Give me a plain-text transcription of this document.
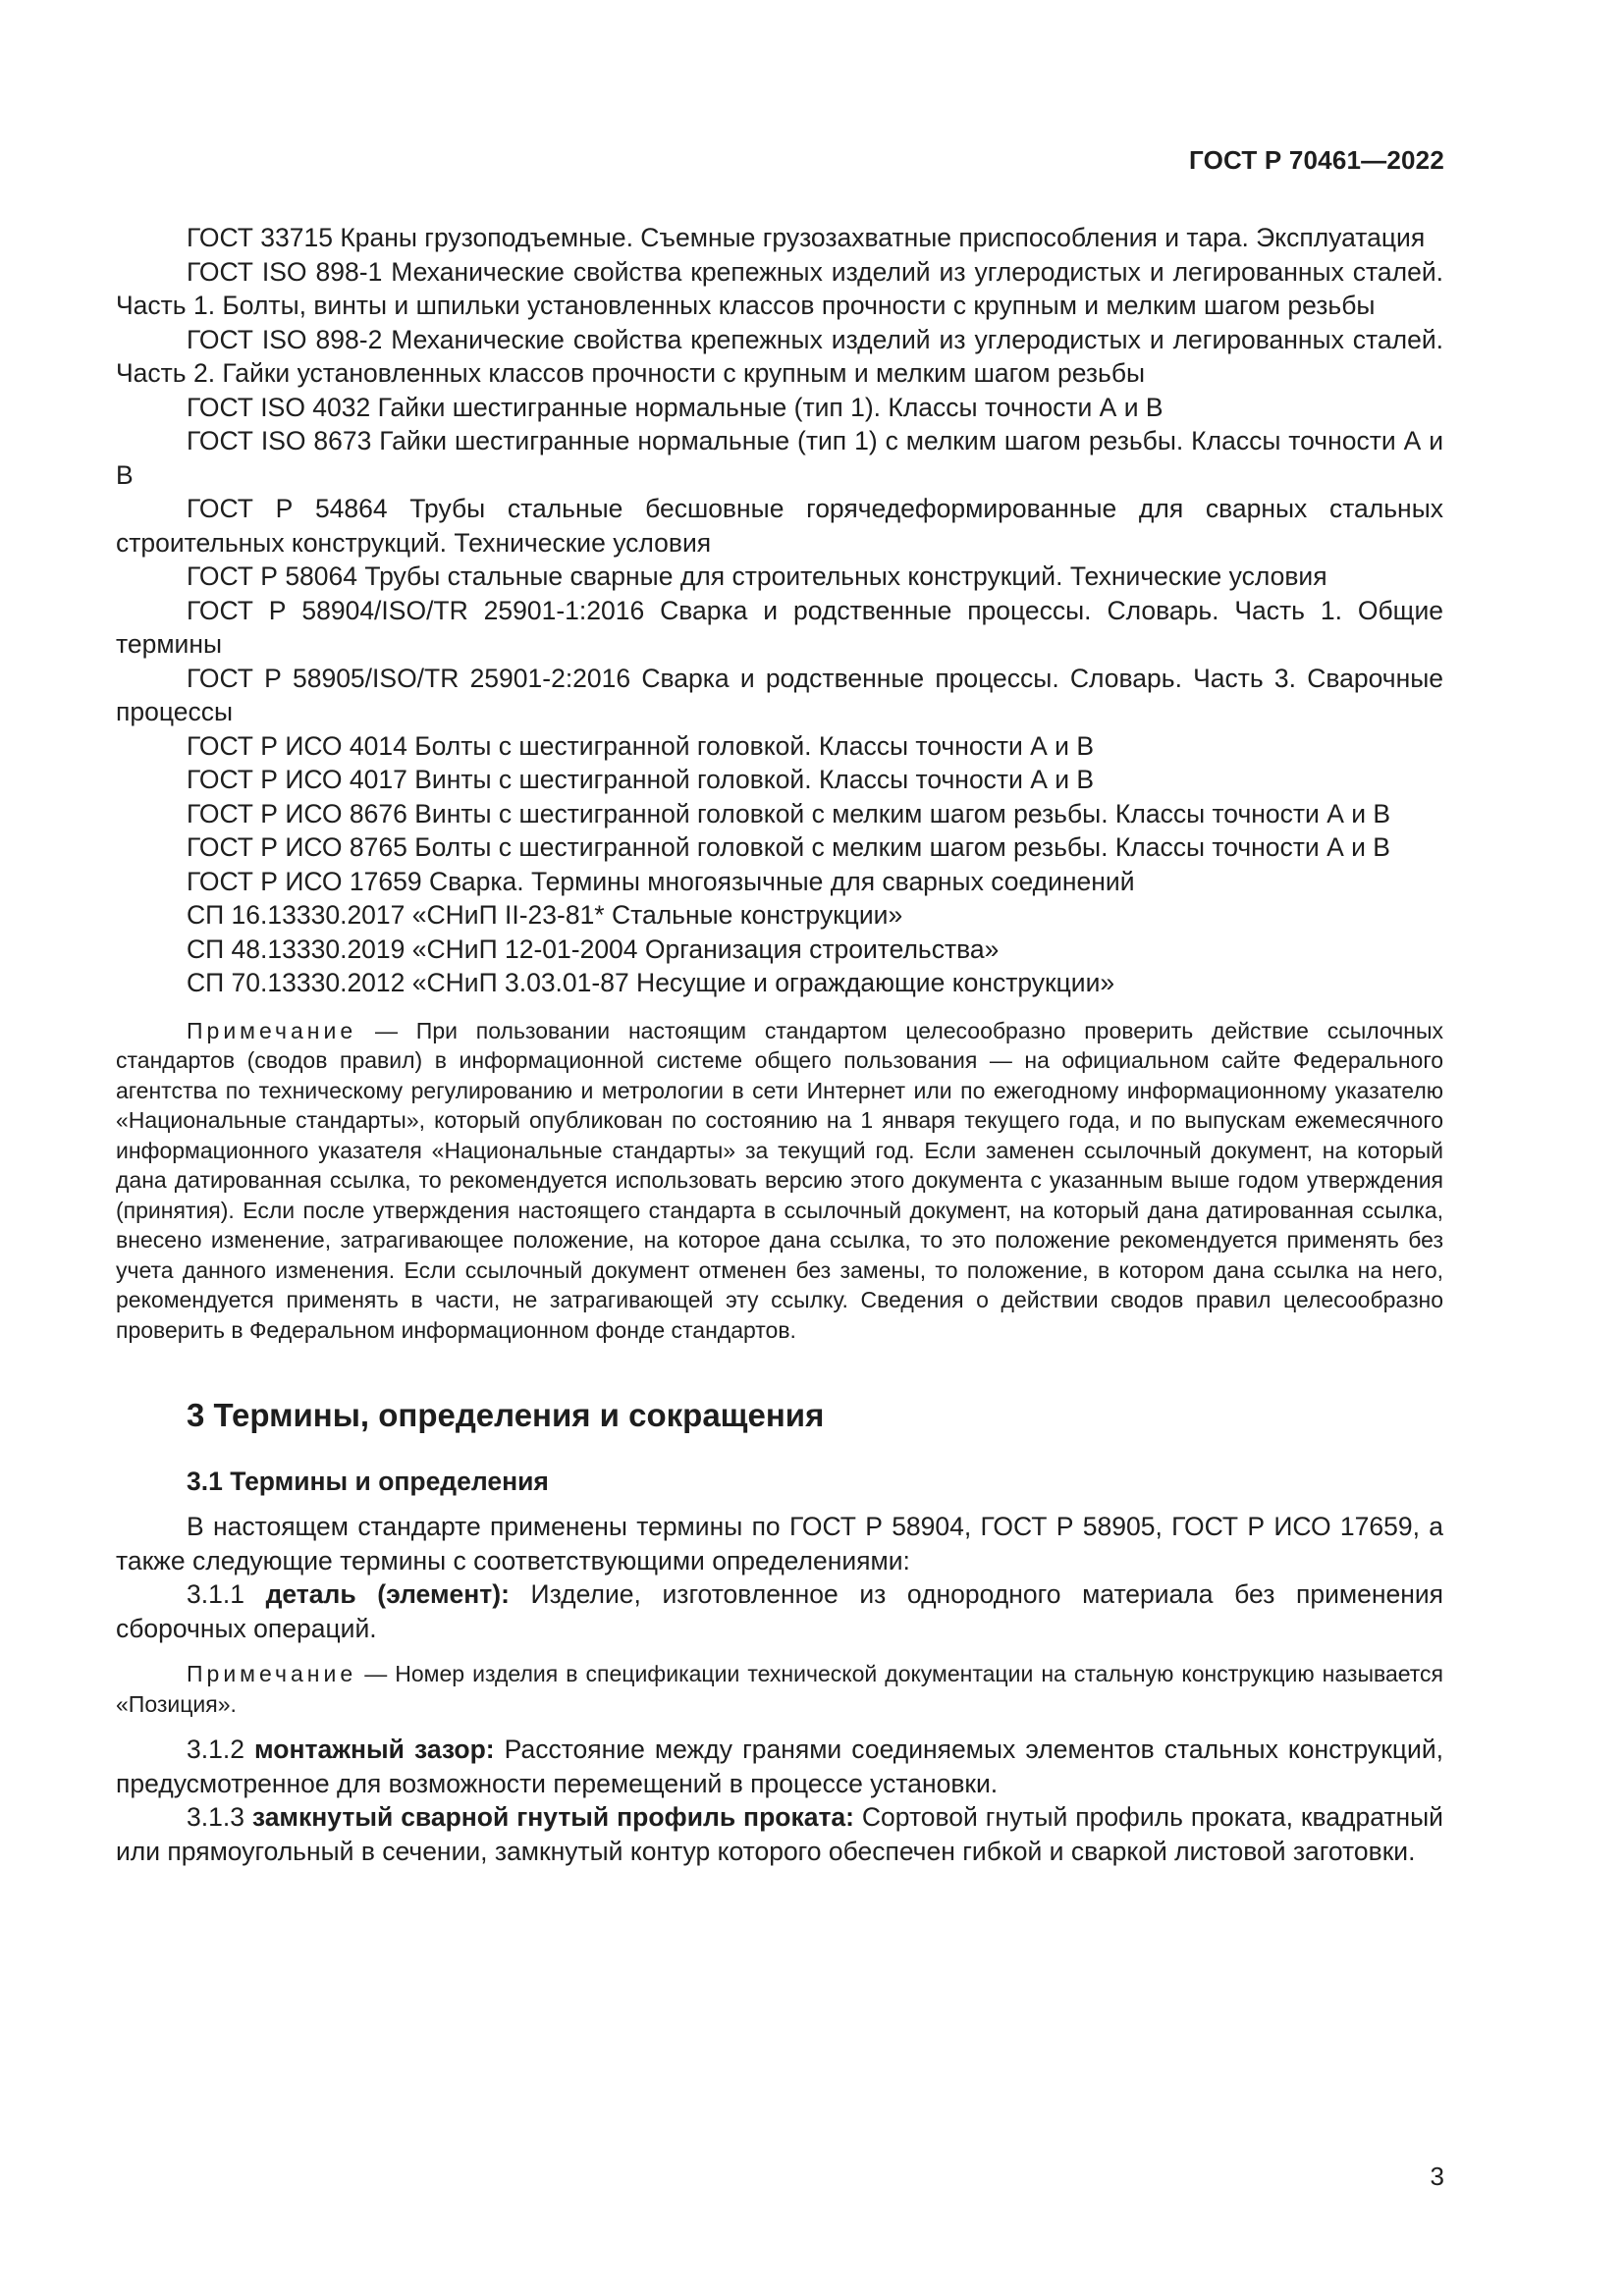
ГОСТ Р 70461—2022

ГОСТ 33715 Краны грузоподъемные. Съемные грузозахватные приспособления и тара. Эксплуатация

ГОСТ ISO 898-1 Механические свойства крепежных изделий из углеродистых и легированных сталей. Часть 1. Болты, винты и шпильки установленных классов прочности с крупным и мелким шагом резьбы

ГОСТ ISO 898-2 Механические свойства крепежных изделий из углеродистых и легированных сталей. Часть 2. Гайки установленных классов прочности с крупным и мелким шагом резьбы

ГОСТ ISO 4032 Гайки шестигранные нормальные (тип 1). Классы точности А и В

ГОСТ ISO 8673 Гайки шестигранные нормальные (тип 1) с мелким шагом резьбы. Классы точности А и В

ГОСТ Р 54864 Трубы стальные бесшовные горячедеформированные для сварных стальных строительных конструкций. Технические условия

ГОСТ Р 58064 Трубы стальные сварные для строительных конструкций. Технические условия

ГОСТ Р 58904/ISO/TR 25901-1:2016 Сварка и родственные процессы. Словарь. Часть 1. Общие термины

ГОСТ Р 58905/ISO/TR 25901-2:2016 Сварка и родственные процессы. Словарь. Часть 3. Сварочные процессы

ГОСТ Р ИСО 4014 Болты с шестигранной головкой. Классы точности А и В

ГОСТ Р ИСО 4017 Винты с шестигранной головкой. Классы точности А и В

ГОСТ Р ИСО 8676 Винты с шестигранной головкой с мелким шагом резьбы. Классы точности А и В

ГОСТ Р ИСО 8765 Болты с шестигранной головкой с мелким шагом резьбы. Классы точности А и В

ГОСТ Р ИСО 17659 Сварка. Термины многоязычные для сварных соединений

СП 16.13330.2017 «СНиП II-23-81* Стальные конструкции»

СП 48.13330.2019 «СНиП 12-01-2004 Организация строительства»

СП 70.13330.2012 «СНиП 3.03.01-87 Несущие и ограждающие конструкции»

Примечание — При пользовании настоящим стандартом целесообразно проверить действие ссылочных стандартов (сводов правил) в информационной системе общего пользования — на официальном сайте Федерального агентства по техническому регулированию и метрологии в сети Интернет или по ежегодному информационному указателю «Национальные стандарты», который опубликован по состоянию на 1 января текущего года, и по выпускам ежемесячного информационного указателя «Национальные стандарты» за текущий год. Если заменен ссылочный документ, на который дана датированная ссылка, то рекомендуется использовать версию этого документа с указанным выше годом утверждения (принятия). Если после утверждения настоящего стандарта в ссылочный документ, на который дана датированная ссылка, внесено изменение, затрагивающее положение, на которое дана ссылка, то это положение рекомендуется применять без учета данного изменения. Если ссылочный документ отменен без замены, то положение, в котором дана ссылка на него, рекомендуется применять в части, не затрагивающей эту ссылку. Сведения о действии сводов правил целесообразно проверить в Федеральном информационном фонде стандартов.

3 Термины, определения и сокращения
3.1 Термины и определения

В настоящем стандарте применены термины по ГОСТ Р 58904, ГОСТ Р 58905, ГОСТ Р ИСО 17659, а также следующие термины с соответствующими определениями:

3.1.1 деталь (элемент): Изделие, изготовленное из однородного материала без применения сборочных операций.

Примечание — Номер изделия в спецификации технической документации на стальную конструкцию называется «Позиция».

3.1.2 монтажный зазор: Расстояние между гранями соединяемых элементов стальных конструкций, предусмотренное для возможности перемещений в процессе установки.

3.1.3 замкнутый сварной гнутый профиль проката: Сортовой гнутый профиль проката, квадратный или прямоугольный в сечении, замкнутый контур которого обеспечен гибкой и сваркой листовой заготовки.

3
